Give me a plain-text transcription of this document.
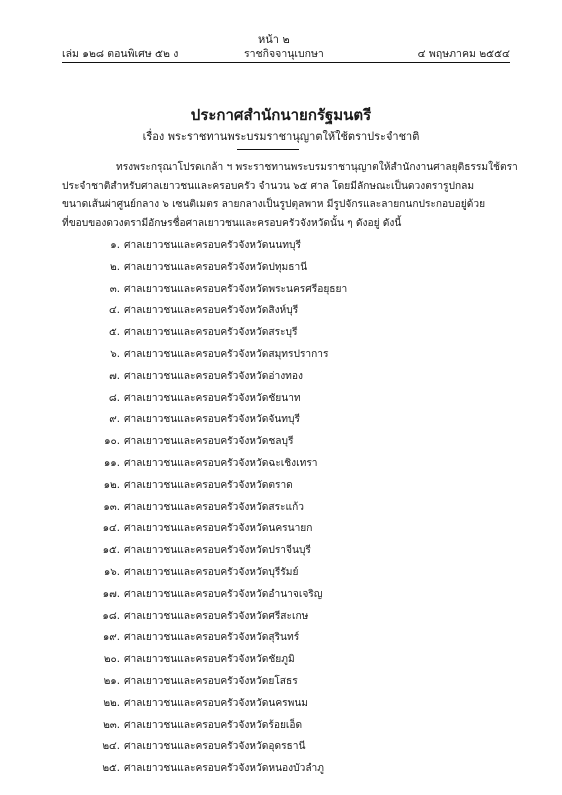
หน้า ๒
เล่ม ๑๒๘ ตอนพิเศษ ๕๒ ง	ราชกิจจานุเบกษา	๔ พฤษภาคม ๒๕๕๔
ประกาศสำนักนายกรัฐมนตรี
เรื่อง พระราชทานพระบรมราชานุญาตให้ใช้ตราประจำชาติ
ทรงพระกรุณาโปรดเกล้า ฯ พระราชทานพระบรมราชานุญาตให้สำนักงานศาลยุติธรรมใช้ตรา
ประจำชาติสำหรับศาลเยาวชนและครอบครัว จำนวน ๖๕ ศาล โดยมีลักษณะเป็นดวงตรารูปกลม
ขนาดเส้นผ่าศูนย์กลาง ๖ เซนติเมตร ลายกลางเป็นรูปตุลพาห มีรูปจักรและลายกนกประกอบอยู่ด้วย
ที่ขอบของดวงตรามีอักษรชื่อศาลเยาวชนและครอบครัวจังหวัดนั้น ๆ ดังอยู่ ดังนี้
๑. ศาลเยาวชนและครอบครัวจังหวัดนนทบุรี
๒. ศาลเยาวชนและครอบครัวจังหวัดปทุมธานี
๓. ศาลเยาวชนและครอบครัวจังหวัดพระนครศรีอยุธยา
๔. ศาลเยาวชนและครอบครัวจังหวัดสิงห์บุรี
๕. ศาลเยาวชนและครอบครัวจังหวัดสระบุรี
๖. ศาลเยาวชนและครอบครัวจังหวัดสมุทรปราการ
๗. ศาลเยาวชนและครอบครัวจังหวัดอ่างทอง
๘. ศาลเยาวชนและครอบครัวจังหวัดชัยนาท
๙. ศาลเยาวชนและครอบครัวจังหวัดจันทบุรี
๑๐. ศาลเยาวชนและครอบครัวจังหวัดชลบุรี
๑๑. ศาลเยาวชนและครอบครัวจังหวัดฉะเชิงเทรา
๑๒. ศาลเยาวชนและครอบครัวจังหวัดตราด
๑๓. ศาลเยาวชนและครอบครัวจังหวัดสระแก้ว
๑๔. ศาลเยาวชนและครอบครัวจังหวัดนครนายก
๑๕. ศาลเยาวชนและครอบครัวจังหวัดปราจีนบุรี
๑๖. ศาลเยาวชนและครอบครัวจังหวัดบุรีรัมย์
๑๗. ศาลเยาวชนและครอบครัวจังหวัดอำนาจเจริญ
๑๘. ศาลเยาวชนและครอบครัวจังหวัดศรีสะเกษ
๑๙. ศาลเยาวชนและครอบครัวจังหวัดสุรินทร์
๒๐. ศาลเยาวชนและครอบครัวจังหวัดชัยภูมิ
๒๑. ศาลเยาวชนและครอบครัวจังหวัดยโสธร
๒๒. ศาลเยาวชนและครอบครัวจังหวัดนครพนม
๒๓. ศาลเยาวชนและครอบครัวจังหวัดร้อยเอ็ด
๒๔. ศาลเยาวชนและครอบครัวจังหวัดอุดรธานี
๒๕. ศาลเยาวชนและครอบครัวจังหวัดหนองบัวลำภู
